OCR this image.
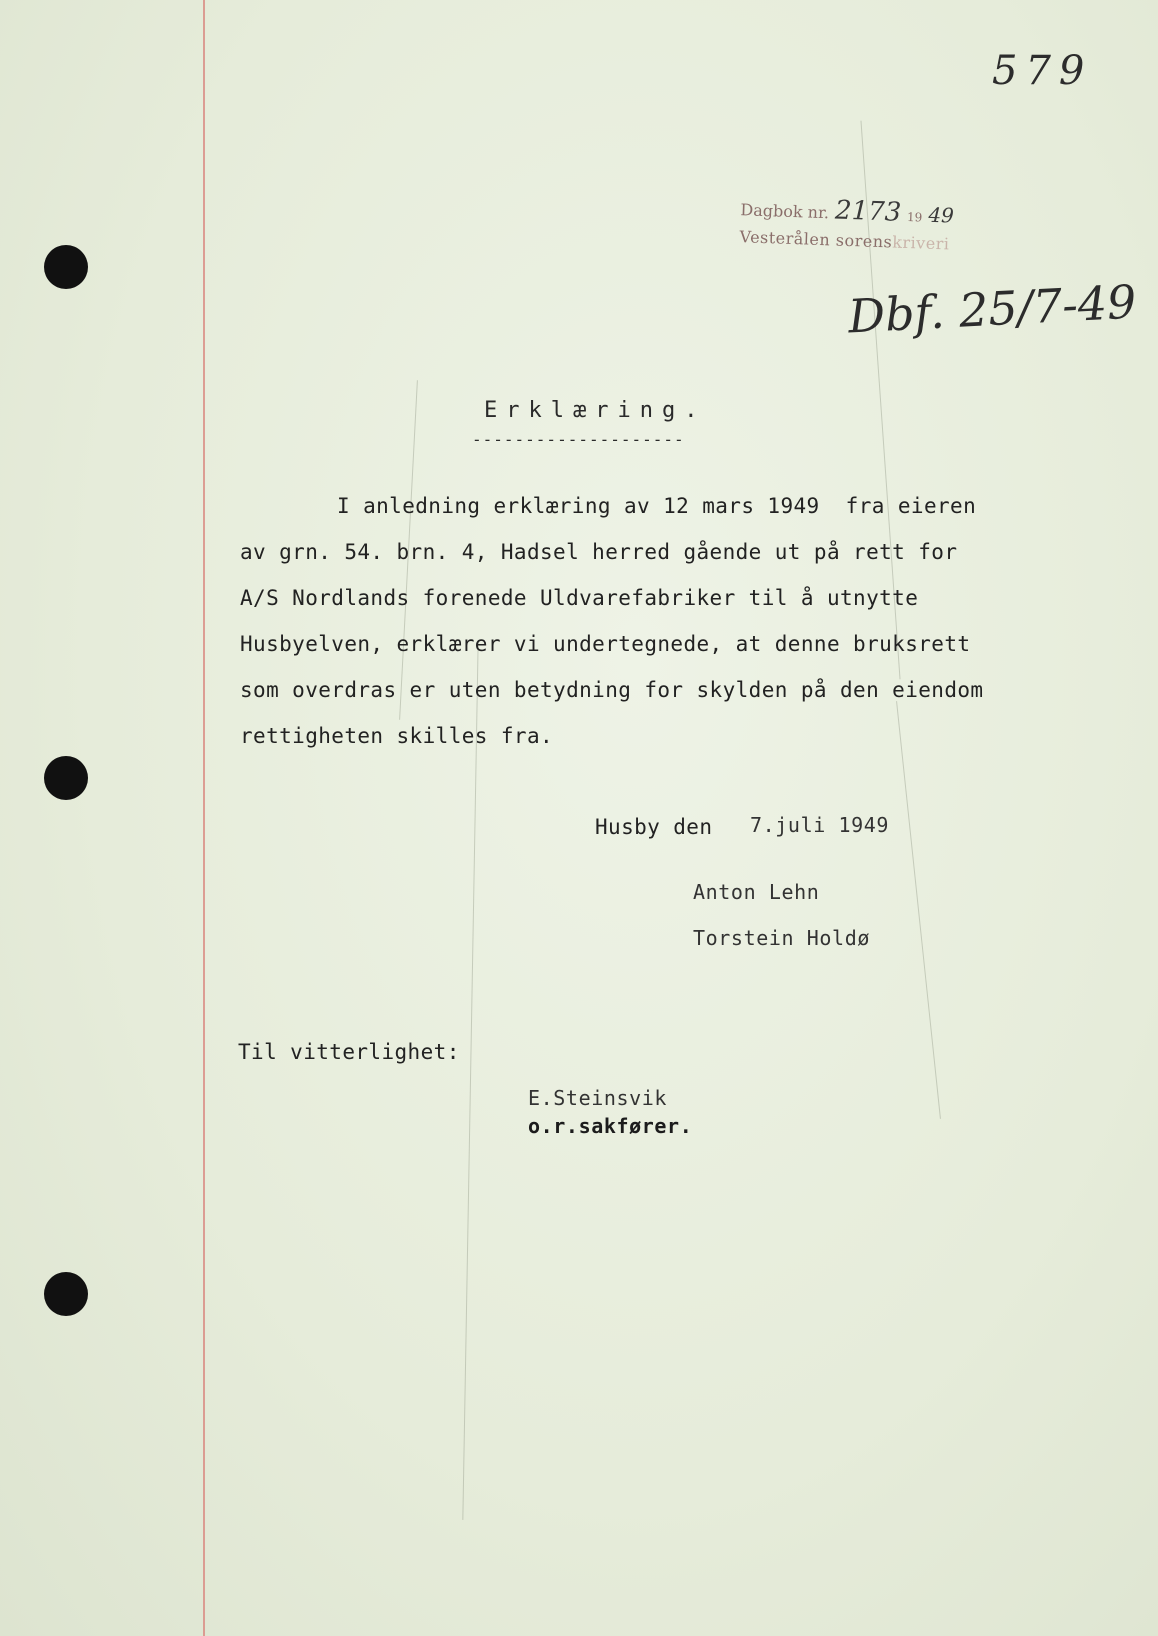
579
Dagbok nr. 2173 19 49
Vesterålen sorenskriveri
Dbf. 25/7-49
Erklæring.
--------------------
I anledning erklæring av 12 mars 1949  fra eieren
av grn. 54. brn. 4, Hadsel herred gående ut på rett for
A/S Nordlands forenede Uldvarefabriker til å utnytte
Husbyelven, erklærer vi undertegnede, at denne bruksrett
som overdras er uten betydning for skylden på den eiendom
rettigheten skilles fra.
Husby den 7.juli 1949
Anton Lehn
Torstein Holdø
Til vitterlighet:
E.Steinsvik
o.r.sakfører.
